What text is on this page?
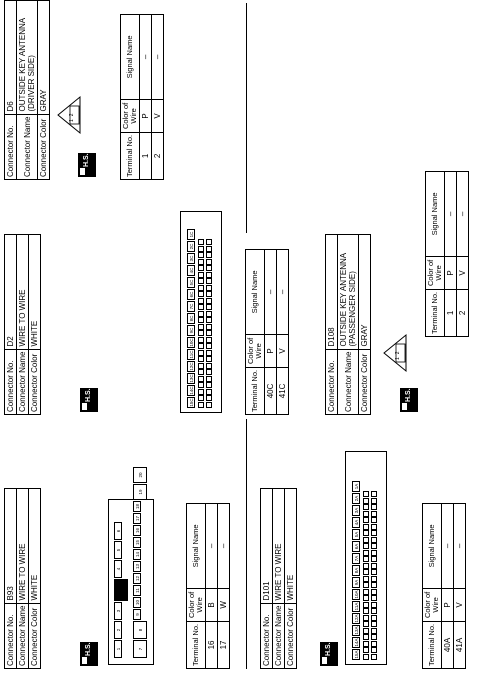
Connector No.	D6
Connector Name	OUTSIDE KEY ANTENNA (DRIVER SIDE)
Connector Color	GRAY
H.S.
1
2
Terminal No.	Color of Wire	Signal Name
1	P	–
2	V	–
Connector No.	D2
Connector Name	WIRE TO WIRE
Connector Color	WHITE
H.S.
15C
14C
13C
12C
11C
10C
9C
8C
7C
6C
5C
4C
3C
2C
1C
Terminal No.	Color of Wire	Signal Name
40C	P	–
41C	V	–
Connector No.	B93
Connector Name	WIRE TO WIRE
Connector Color	WHITE
H.S.	1
2
3
4
5
6
7
8
9
10
11
12
13
14
15
16
17
18
19
20
Terminal No.	Color of Wire	Signal Name
16	B	–
17	W	–
Connector No.	D108
Connector Name	OUTSIDE KEY ANTENNA (PASSENGER SIDE)
Connector Color	GRAY
H.S.
1
2
Terminal No.	Color of Wire	Signal Name
1	P	–
2	V	–
Connector No.	D101
Connector Name	WIRE TO WIRE
Connector Color	WHITE
H.S.	15A
14A
13A
12A
11A
10A
9A
8A
7A
6A
5A
4A
3A
2A
1A
Terminal No.	Color of Wire	Signal Name
40A	P	–
41A	V	–
